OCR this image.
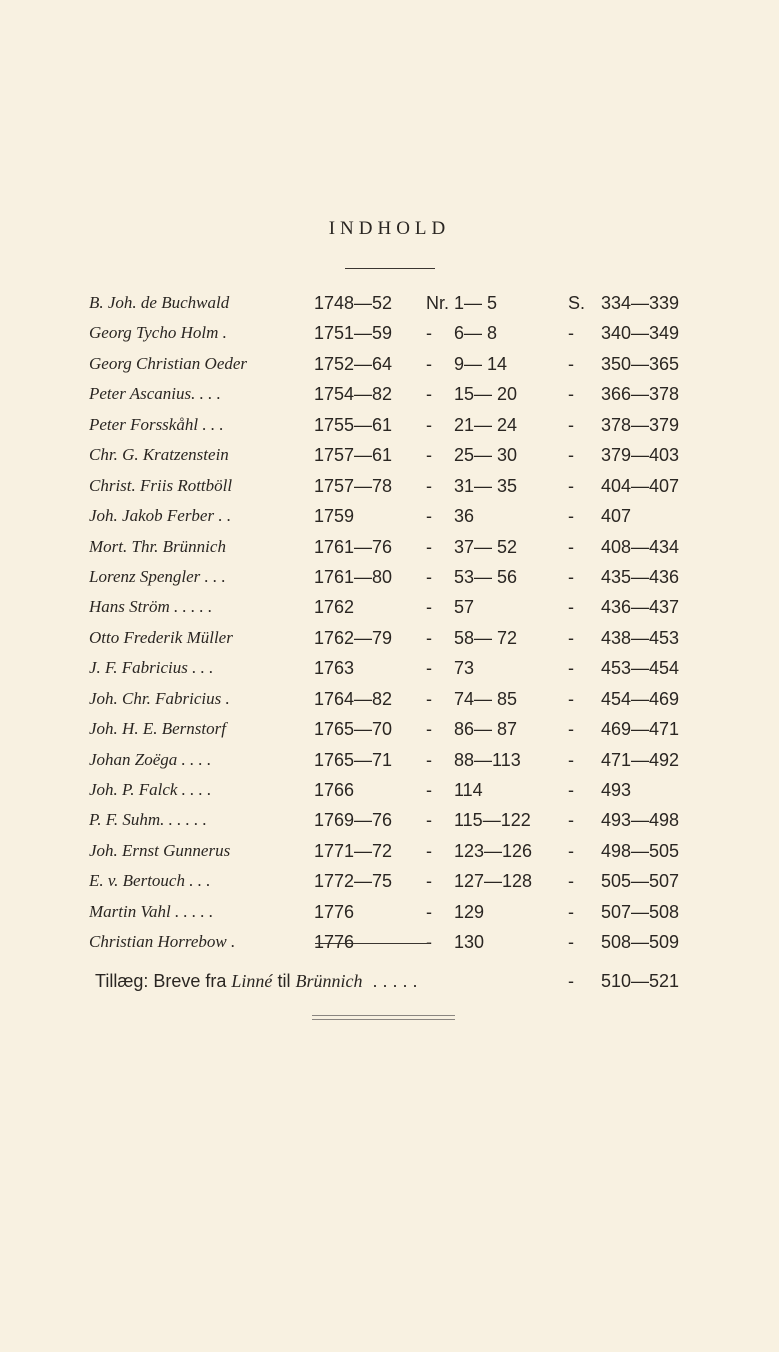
INDHOLD
B. Joh. de Buchwald	1748—52 Nr. 1— 5	S. 334—339
Georg Tycho Holm .	1751—59 - 6— 8	- 340—349
Georg Christian Oeder	1752—64 - 9— 14	- 350—365
Peter Ascanius. . . .	1754—82 - 15— 20	- 366—378
Peter Forsskåhl . . .	1755—61 - 21— 24	- 378—379
Chr. G. Kratzenstein	1757—61 - 25— 30	- 379—403
Christ. Friis Rottböll	1757—78 - 31— 35	- 404—407
Joh. Jakob Ferber . .	1759	- 36	- 407
Mort. Thr. Brünnich	1761—76 - 37— 52	- 408—434
Lorenz Spengler . . .	1761—80 - 53— 56	- 435—436
Hans Ström . . . . .	1762	- 57	- 436—437
Otto Frederik Müller	1762—79 - 58— 72	- 438—453
J. F. Fabricius . . .	1763	- 73	- 453—454
Joh. Chr. Fabricius .	1764—82 - 74— 85	- 454—469
Joh. H. E. Bernstorf	1765—70 - 86— 87	- 469—471
Johan Zoëga . . . .	1765—71 - 88—113	- 471—492
Joh. P. Falck . . . .	1766	- 114	- 493
P. F. Suhm. . . . . .	1769—76 - 115—122	- 493—498
Joh. Ernst Gunnerus	1771—72 - 123—126	- 498—505
E. v. Bertouch . . .	1772—75 - 127—128	- 505—507
Martin Vahl . . . . .	1776	- 129	- 507—508
Christian Horrebow .	1776	- 130	- 508—509
Tillæg: Breve fra Linné til Brünnich . . . . .	- 510—521
